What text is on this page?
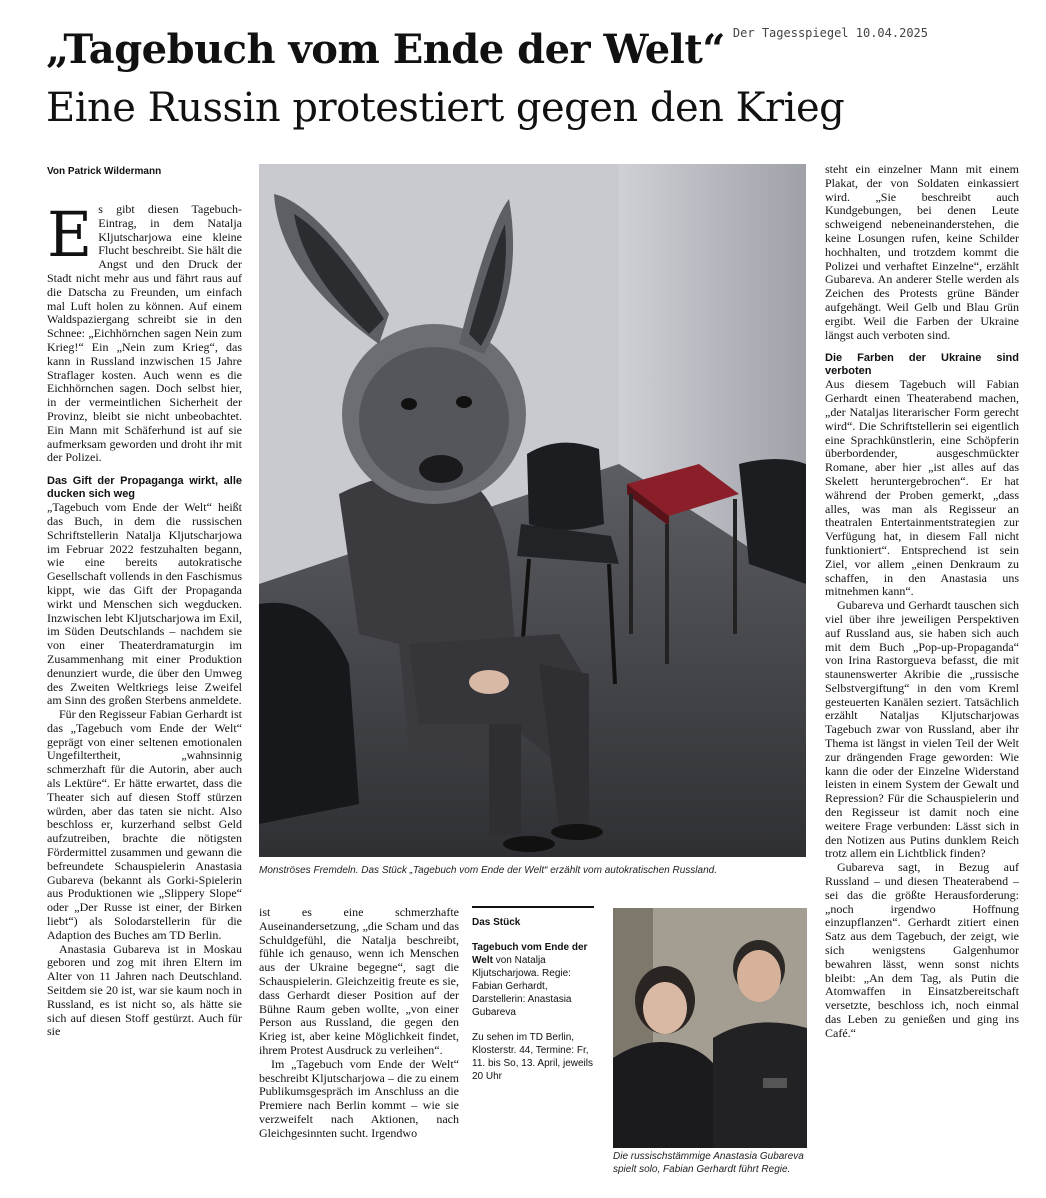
Der Tagesspiegel 10.04.2025
„Tagebuch vom Ende der Welt“
Eine Russin protestiert gegen den Krieg
Von Patrick Wildermann

Es gibt diesen Tagebuch-Eintrag, in dem Natalja Kljutscharjowa eine kleine Flucht beschreibt. Sie hält die Angst und den Druck der Stadt nicht mehr aus und fährt raus auf die Datscha zu Freunden, um einfach mal Luft holen zu können. Auf einem Waldspaziergang schreibt sie in den Schnee: „Eichhörnchen sagen Nein zum Krieg!“ Ein „Nein zum Krieg“, das kann in Russland inzwischen 15 Jahre Straflager kosten. Auch wenn es die Eichhörnchen sagen. Doch selbst hier, in der vermeintlichen Sicherheit der Provinz, bleibt sie nicht unbeobachtet. Ein Mann mit Schäferhund ist auf sie aufmerksam geworden und droht ihr mit der Polizei.

Das Gift der Propaganga wirkt, alle ducken sich weg

„Tagebuch vom Ende der Welt“ heißt das Buch, in dem die russischen Schriftstellerin Natalja Kljutscharjowa im Februar 2022 festzuhalten begann, wie eine bereits autokratische Gesellschaft vollends in den Faschismus kippt, wie das Gift der Propaganda wirkt und Menschen sich wegducken. Inzwischen lebt Kljutscharjowa im Exil, im Süden Deutschlands – nachdem sie von einer Theaterdramaturgin im Zusammenhang mit einer Produktion denunziert wurde, die über den Umweg des Zweiten Weltkriegs leise Zweifel am Sinn des großen Sterbens anmeldete.

Für den Regisseur Fabian Gerhardt ist das „Tagebuch vom Ende der Welt“ geprägt von einer seltenen emotionalen Ungefiltertheit, „wahnsinnig schmerzhaft für die Autorin, aber auch als Lektüre“. Er hätte erwartet, dass die Theater sich auf diesen Stoff stürzen würden, aber das taten sie nicht. Also beschloss er, kurzerhand selbst Geld aufzutreiben, brachte die nötigsten Fördermittel zusammen und gewann die befreundete Schauspielerin Anastasia Gubareva (bekannt als Gorki-Spielerin aus Produktionen wie „Slippery Slope“ oder „Der Russe ist einer, der Birken liebt“) als Solodarstellerin für die Adaption des Buches am TD Berlin.

Anastasia Gubareva ist in Moskau geboren und zog mit ihren Eltern im Alter von 11 Jahren nach Deutschland. Seitdem sie 20 ist, war sie kaum noch in Russland, es ist nicht so, als hätte sie sich auf diesen Stoff gestürzt. Auch für sie

Monströses Fremdeln. Das Stück „Tagebuch vom Ende der Welt“ erzählt vom autokratischen Russland.

ist es eine schmerzhafte Auseinandersetzung, „die Scham und das Schuldgefühl, die Natalja beschreibt, fühle ich genauso, wenn ich Menschen aus der Ukraine begegne“, sagt die Schauspielerin. Gleichzeitig freute es sie, dass Gerhardt dieser Position auf der Bühne Raum geben wollte, „von einer Person aus Russland, die gegen den Krieg ist, aber keine Möglichkeit findet, ihrem Protest Ausdruck zu verleihen“.

Im „Tagebuch vom Ende der Welt“ beschreibt Kljutscharjowa – die zu einem Publikumsgespräch im Anschluss an die Premiere nach Berlin kommt – wie sie verzweifelt nach Aktionen, nach Gleichgesinnten sucht. Irgendwo

Das Stück
Tagebuch vom Ende der Welt von Natalja Kljutscharjowa. Regie: Fabian Gerhardt, Darstellerin: Anastasia Gubareva
Zu sehen im TD Berlin, Klosterstr. 44, Termine: Fr, 11. bis So, 13. April, jeweils 20 Uhr
Die russischstämmige Anastasia Gubareva spielt solo, Fabian Gerhardt führt Regie.

steht ein einzelner Mann mit einem Plakat, der von Soldaten einkassiert wird. „Sie beschreibt auch Kundgebungen, bei denen Leute schweigend nebeneinanderstehen, die keine Losungen rufen, keine Schilder hochhalten, und trotzdem kommt die Polizei und verhaftet Einzelne“, erzählt Gubareva. An anderer Stelle werden als Zeichen des Protests grüne Bänder aufgehängt. Weil Gelb und Blau Grün ergibt. Weil die Farben der Ukraine längst auch verboten sind.

Die Farben der Ukraine sind verboten

Aus diesem Tagebuch will Fabian Gerhardt einen Theaterabend machen, „der Nataljas literarischer Form gerecht wird“. Die Schriftstellerin sei eigentlich eine Sprachkünstlerin, eine Schöpferin überbordender, ausgeschmückter Romane, aber hier „ist alles auf das Skelett heruntergebrochen“. Er hat während der Proben gemerkt, „dass alles, was man als Regisseur an theatralen Entertainmentstrategien zur Verfügung hat, in diesem Fall nicht funktioniert“. Entsprechend ist sein Ziel, vor allem „einen Denkraum zu schaffen, in den Anastasia uns mitnehmen kann“.

Gubareva und Gerhardt tauschen sich viel über ihre jeweiligen Perspektiven auf Russland aus, sie haben sich auch mit dem Buch „Pop-up-Propaganda“ von Irina Rastorgueva befasst, die mit staunenswerter Akribie die „russische Selbstvergiftung“ in den vom Kreml gesteuerten Kanälen seziert. Tatsächlich erzählt Nataljas Kljutscharjowas Tagebuch zwar von Russland, aber ihr Thema ist längst in vielen Teil der Welt zur drängenden Frage geworden: Wie kann die oder der Einzelne Widerstand leisten in einem System der Gewalt und Repression? Für die Schauspielerin und den Regisseur ist damit noch eine weitere Frage verbunden: Lässt sich in den Notizen aus Putins dunklem Reich trotz allem ein Lichtblick finden?

Gubareva sagt, in Bezug auf Russland – und diesen Theaterabend – sei das die größte Herausforderung: „noch irgendwo Hoffnung einzupflanzen“. Gerhardt zitiert einen Satz aus dem Tagebuch, der zeigt, wie sich wenigstens Galgenhumor bewahren lässt, wenn sonst nichts bleibt: „An dem Tag, als Putin die Atomwaffen in Einsatzbereitschaft versetzte, beschloss ich, noch einmal das Leben zu genießen und ging ins Café.“
